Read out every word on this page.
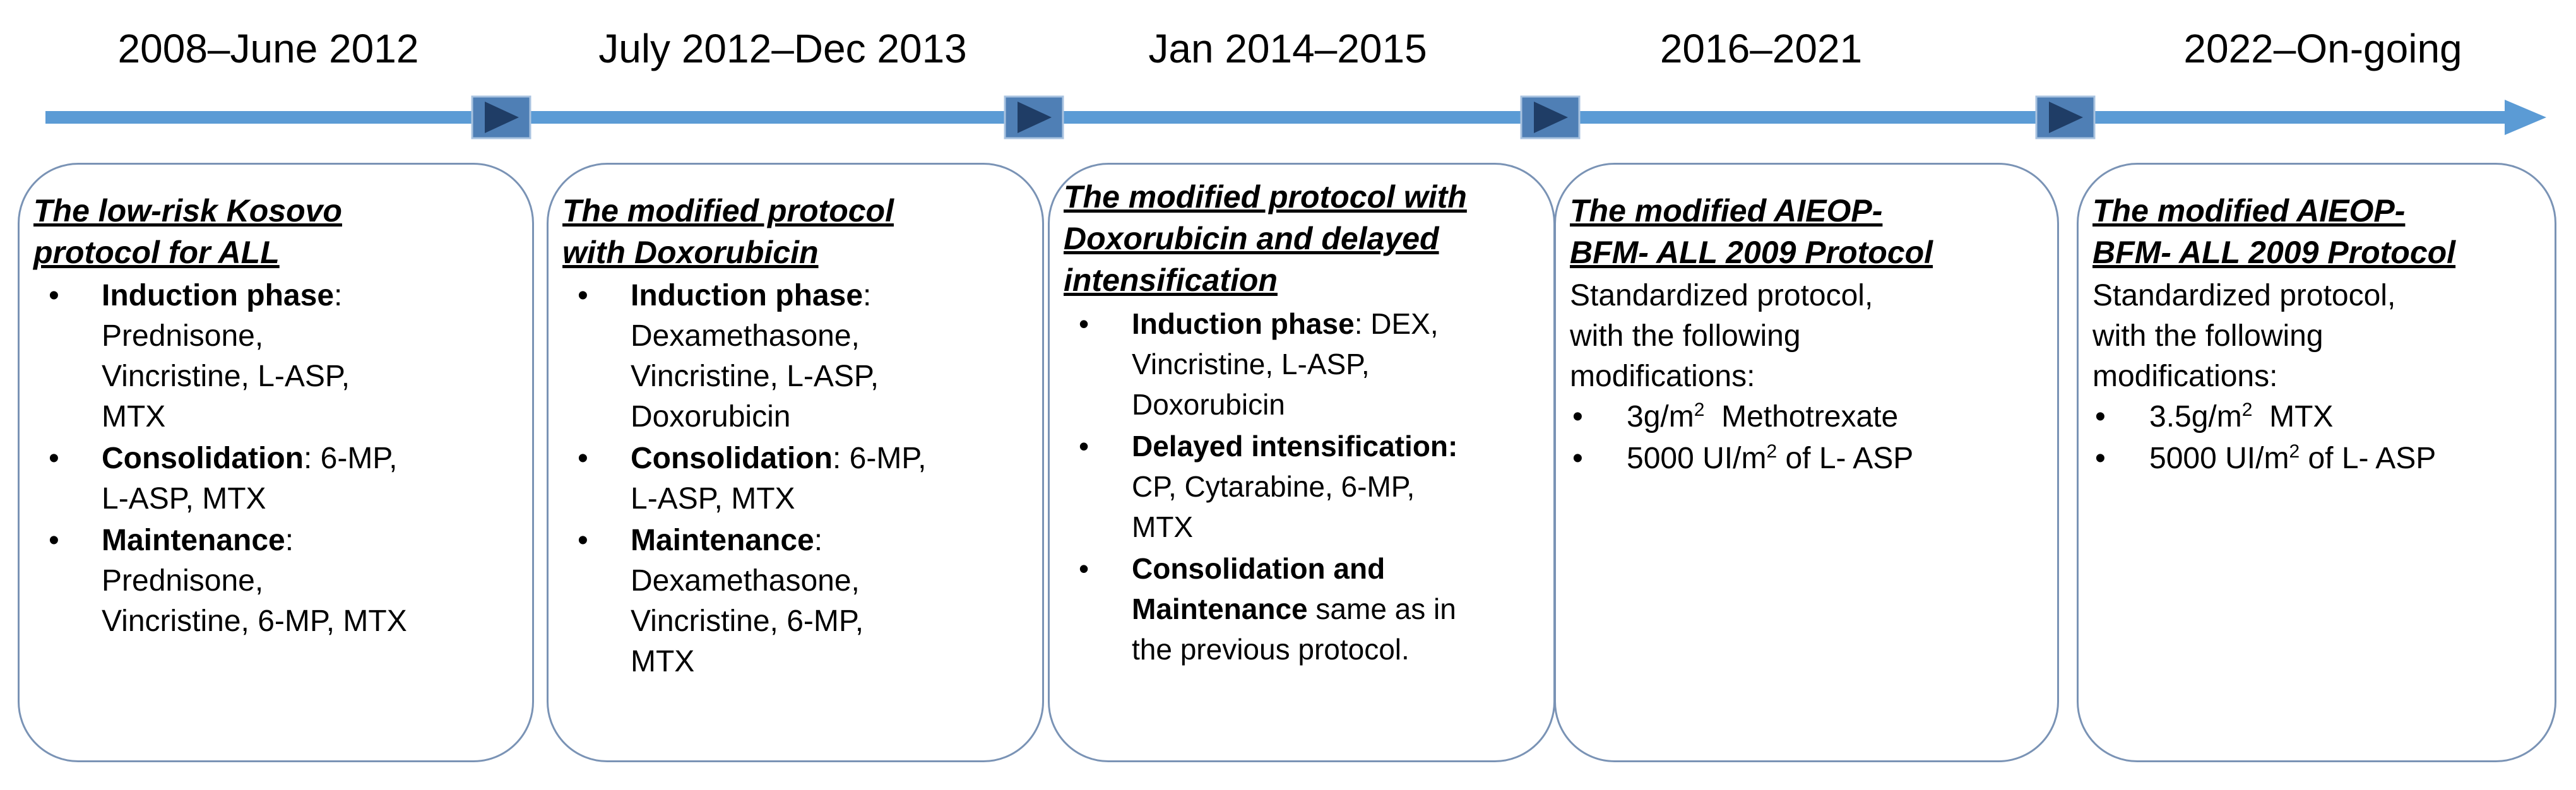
2008–June 2012	July 2012–Dec 2013	Jan 2014–2015	2016–2021	2022–On-going
The low-risk Kosovo
protocol for ALL
• Induction phase:
Prednisone,
Vincristine, L-ASP,
MTX
• Consolidation: 6-MP,
L-ASP, MTX
• Maintenance:
Prednisone,
Vincristine, 6-MP, MTX
The modified protocol
with Doxorubicin
• Induction phase:
Dexamethasone,
Vincristine, L-ASP,
Doxorubicin
• Consolidation: 6-MP,
L-ASP, MTX
• Maintenance:
Dexamethasone,
Vincristine, 6-MP,
MTX
The modified protocol with
Doxorubicin and delayed
intensification
• Induction phase: DEX,
Vincristine, L-ASP,
Doxorubicin
• Delayed intensification:
CP, Cytarabine, 6-MP,
MTX
• Consolidation and
Maintenance same as in
the previous protocol.
The modified AIEOP-
BFM- ALL 2009 Protocol

Standardized protocol,
with the following
modifications:

• $3g/m^2$  Methotrexate
• 5000 $UI/m^2$ of L- ASP
The modified AIEOP-
BFM- ALL 2009 Protocol

Standardized protocol,
with the following
modifications:

• $3.5g/m^2$  MTX
• 5000 $UI/m^2$ of L- ASP
